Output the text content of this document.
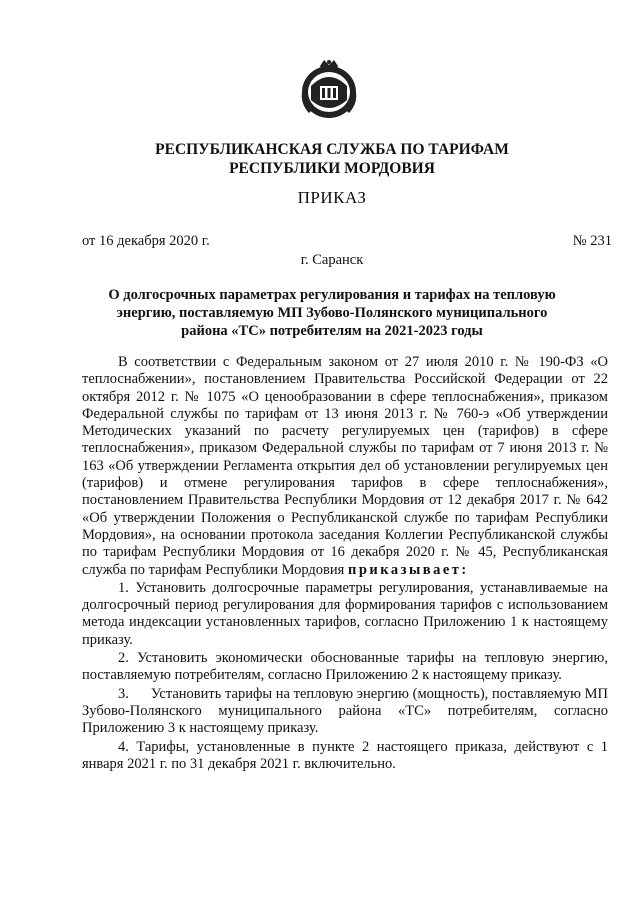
РЕСПУБЛИКАНСКАЯ СЛУЖБА ПО ТАРИФАМ
РЕСПУБЛИКИ МОРДОВИЯ
ПРИКАЗ
от 16 декабря 2020 г.	№ 231
г. Саранск
О долгосрочных параметрах регулирования и тарифах на тепловую
энергию, поставляемую МП Зубово-Полянского муниципального
района «ТС» потребителям на 2021-2023 годы

В соответствии с Федеральным законом от 27 июля 2010 г. № 190-ФЗ «О теплоснабжении», постановлением Правительства Российской Федерации от 22 октября 2012 г. № 1075 «О ценообразовании в сфере теплоснабжения», приказом Федеральной службы по тарифам от 13 июня 2013 г. № 760-э «Об утверждении Методических указаний по расчету регулируемых цен (тарифов) в сфере теплоснабжения», приказом Федеральной службы по тарифам от 7 июня 2013 г. № 163 «Об утверждении Регламента открытия дел об установлении регулируемых цен (тарифов) и отмене регулирования тарифов в сфере теплоснабжения», постановлением Правительства Республики Мордовия от 12 декабря 2017 г. № 642 «Об утверждении Положения о Республиканской службе по тарифам Республики Мордовия», на основании протокола заседания Коллегии Республиканской службы по тарифам Республики Мордовия от 16 декабря 2020 г. № 45, Республиканская служба по тарифам Республики Мордовия приказывает:

1. Установить долгосрочные параметры регулирования, устанавливаемые на долгосрочный период регулирования для формирования тарифов с использованием метода индексации установленных тарифов, согласно Приложению 1 к настоящему приказу.

2. Установить экономически обоснованные тарифы на тепловую энергию, поставляемую потребителям, согласно Приложению 2 к настоящему приказу.

3.      Установить тарифы на тепловую энергию (мощность), поставляемую МП Зубово-Полянского муниципального района «ТС» потребителям, согласно Приложению 3 к настоящему приказу.

4. Тарифы, установленные в пункте 2 настоящего приказа, действуют с 1 января 2021 г. по 31 декабря 2021 г. включительно.
